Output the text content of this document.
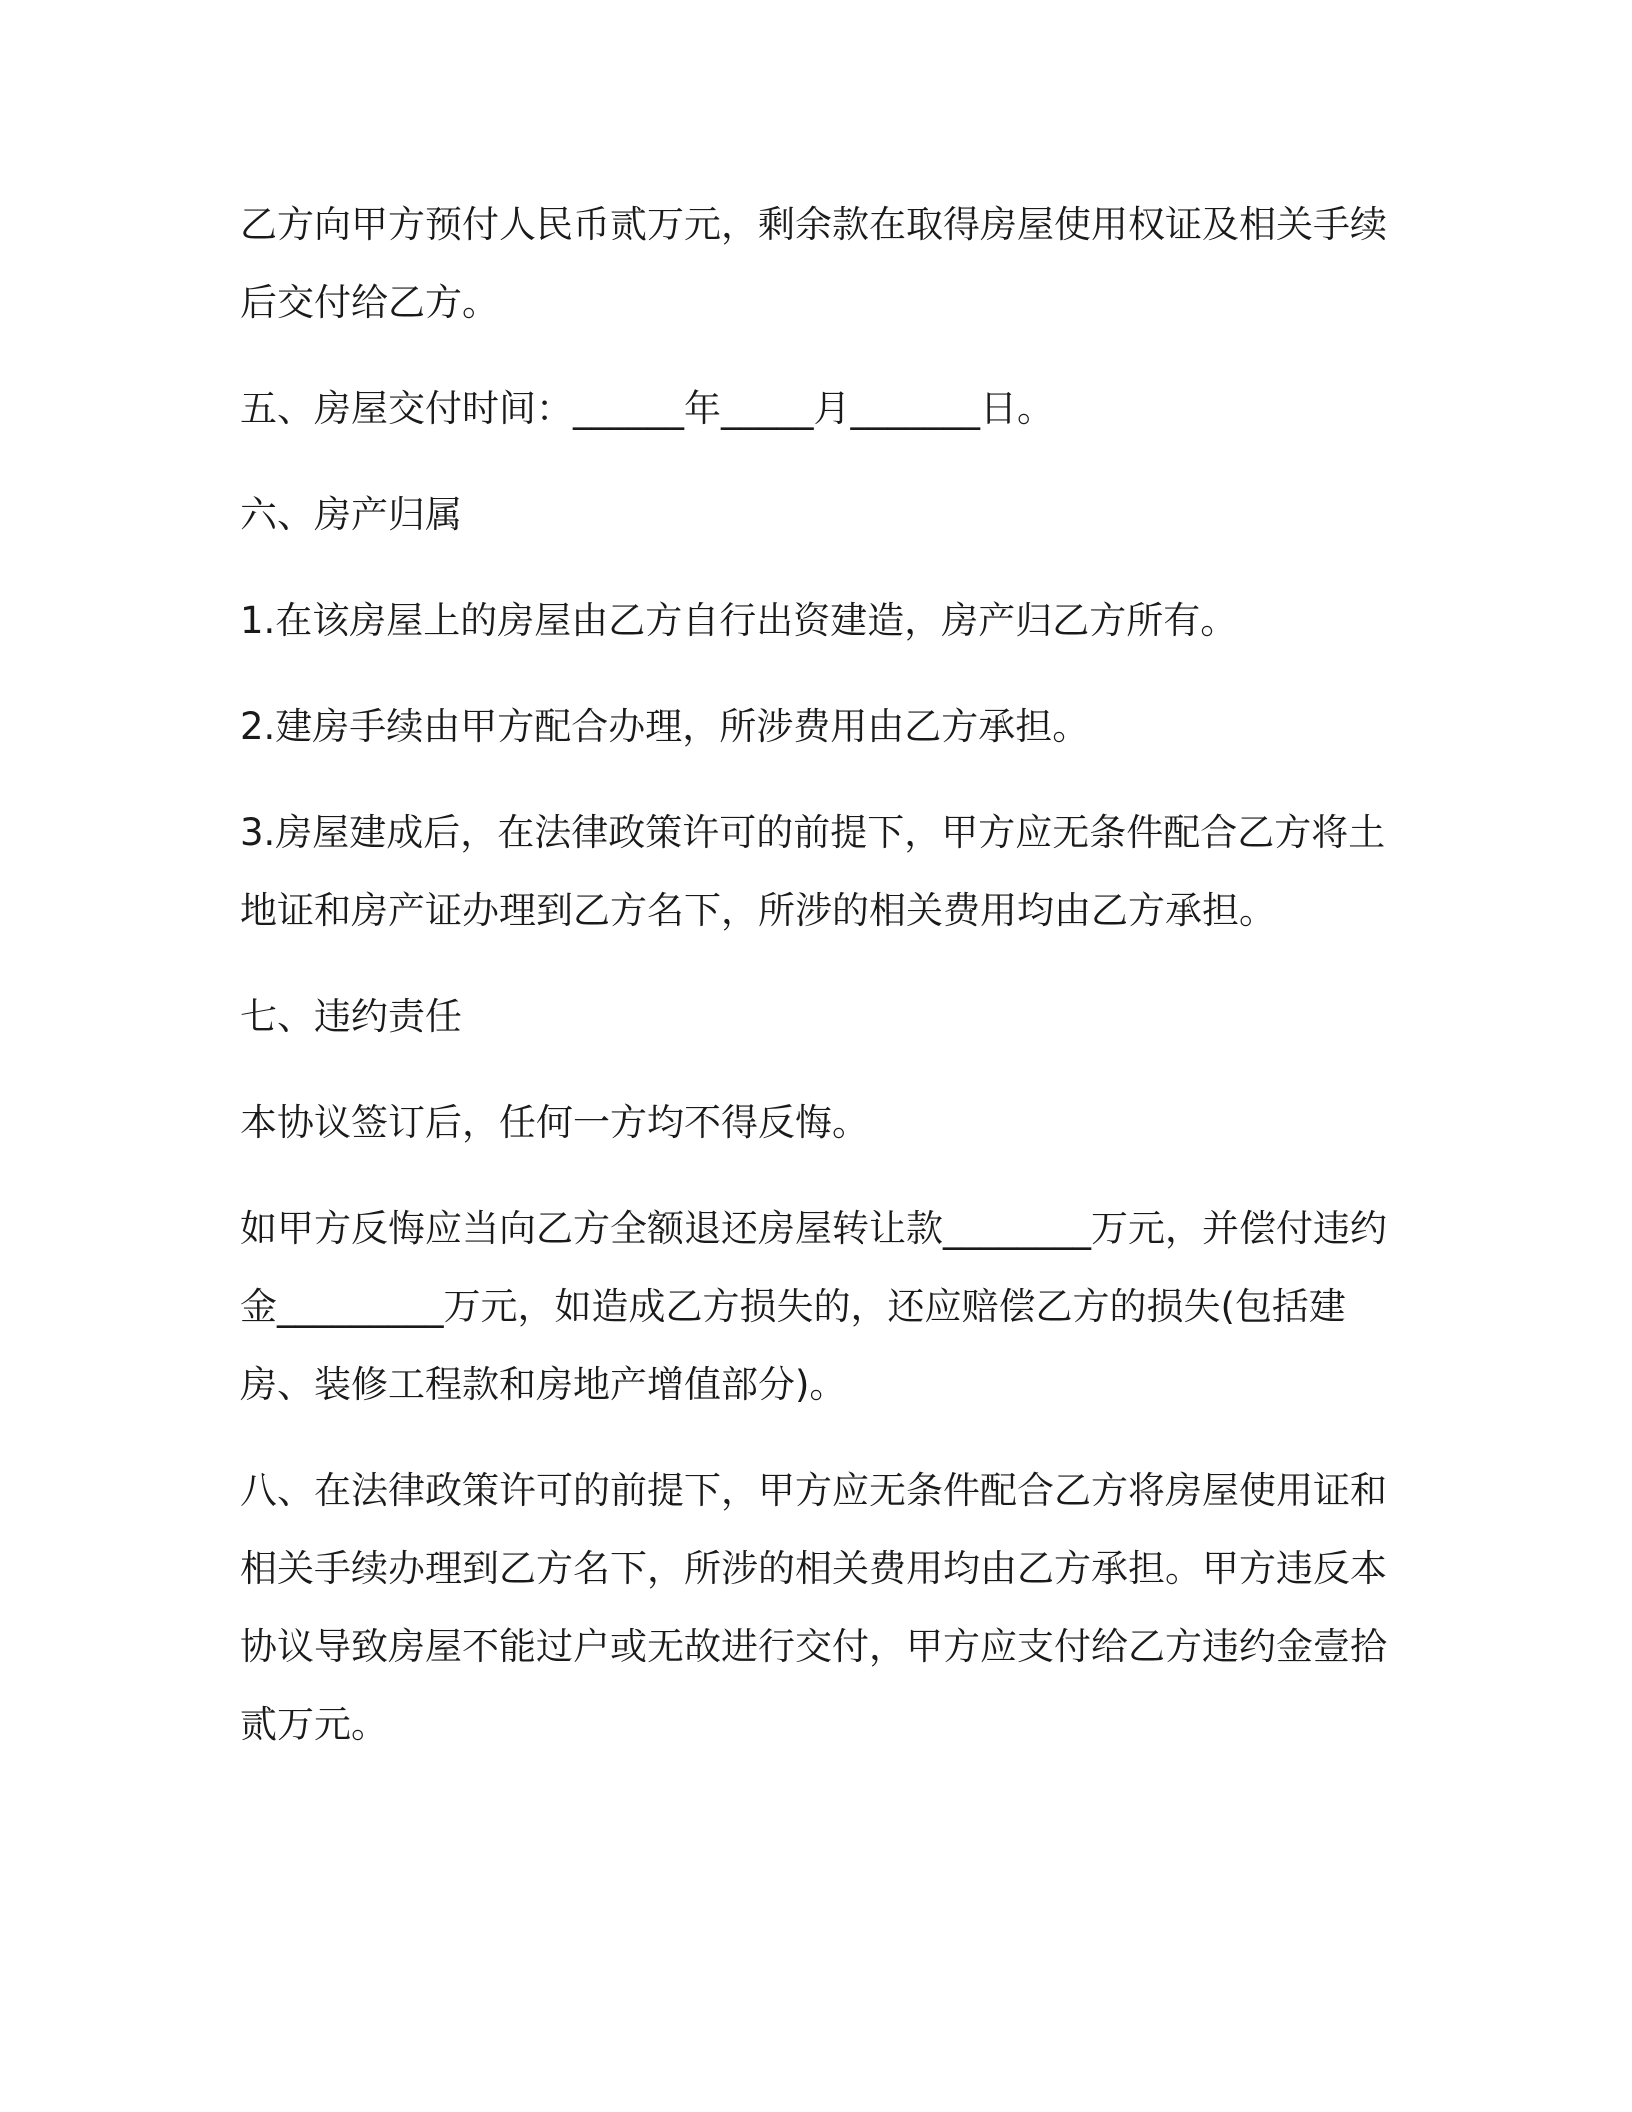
乙方向甲方预付人民币贰万元，剩余款在取得房屋使用权证及相关手续后交付给乙方。

五、房屋交付时间：______年_____月_______日。

六、房产归属

1.在该房屋上的房屋由乙方自行出资建造，房产归乙方所有。

2.建房手续由甲方配合办理，所涉费用由乙方承担。

3.房屋建成后，在法律政策许可的前提下，甲方应无条件配合乙方将土地证和房产证办理到乙方名下，所涉的相关费用均由乙方承担。

七、违约责任

本协议签订后，任何一方均不得反悔。

如甲方反悔应当向乙方全额退还房屋转让款________万元，并偿付违约金_________万元，如造成乙方损失的，还应赔偿乙方的损失(包括建房、装修工程款和房地产增值部分)。

八、在法律政策许可的前提下，甲方应无条件配合乙方将房屋使用证和相关手续办理到乙方名下，所涉的相关费用均由乙方承担。甲方违反本协议导致房屋不能过户或无故进行交付，甲方应支付给乙方违约金壹拾贰万元。
